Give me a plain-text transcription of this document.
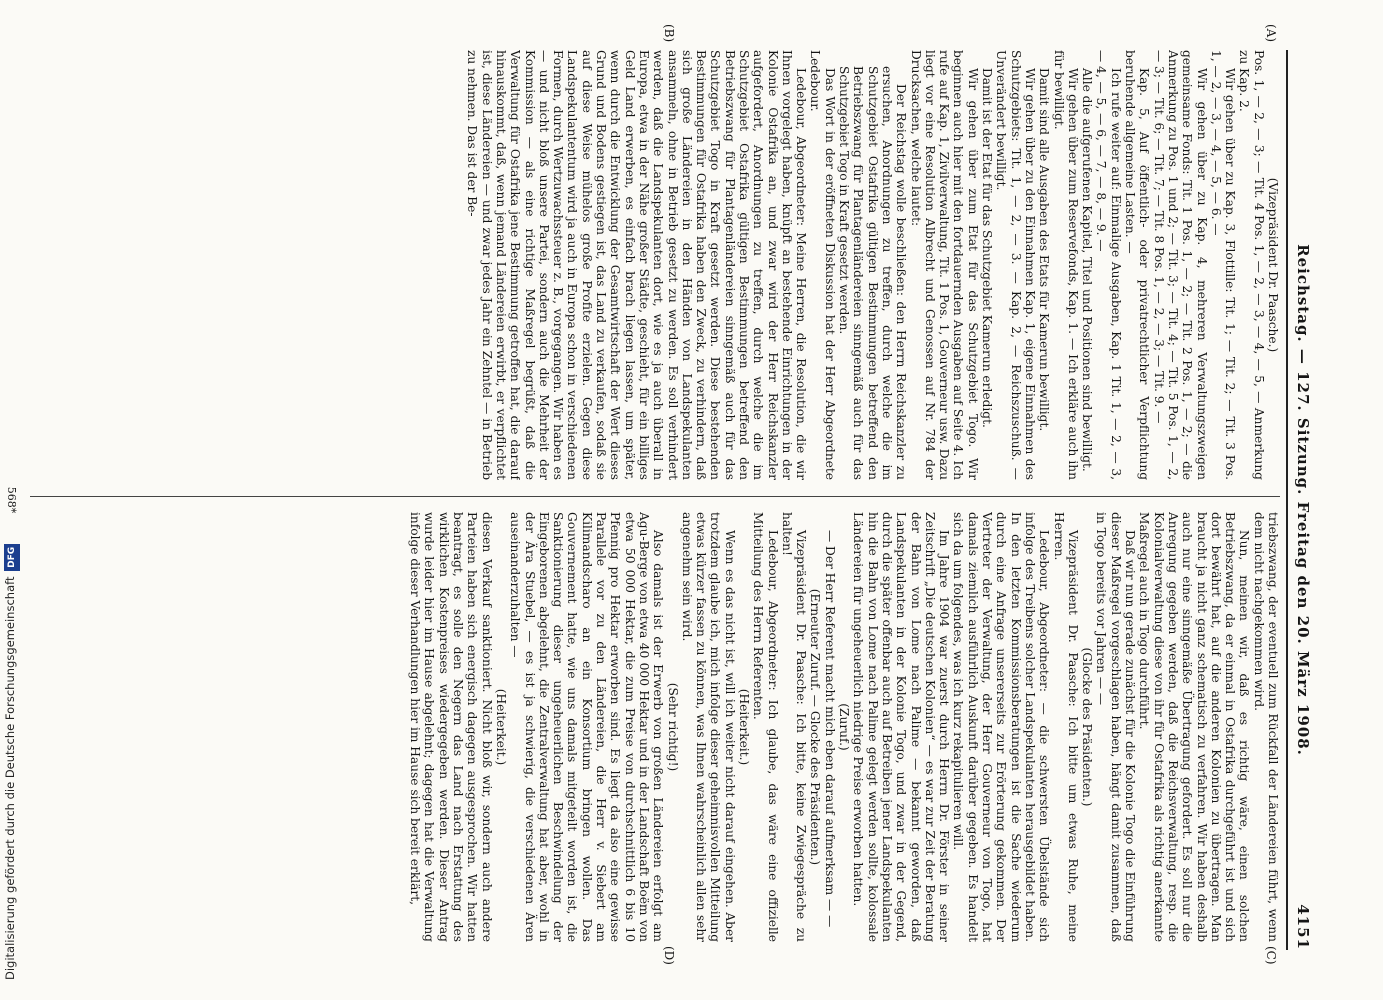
Reichstag. — 127. Sitzung. Freitag den 20. März 1908.
4151
(A)
(B)
(C)
(D)

(Vizepräsident Dr. Paasche.)

Pos. 1, — 2, — 3; — Tit. 4 Pos. 1, — 2, — 3, — 4, — 5, — Anmerkung zu Kap. 2.

Wir gehen über zu Kap. 3, Flottille: Tit. 1; — Tit. 2; — Tit. 3 Pos. 1, — 2, — 3, — 4, — 5, — 6. —

Wir gehen über zu Kap. 4, mehreren Verwaltungszweigen gemeinsame Fonds: Tit. 1 Pos. 1, — 2; — Tit. 2 Pos. 1, — 2; — die Anmerkung zu Pos. 1 und 2; — Tit. 3; — Tit. 4; — Tit. 5 Pos. 1, — 2, — 3; — Tit. 6; — Tit. 7; — Tit. 8 Pos. 1, — 2, — 3; — Tit. 9. —

Kap. 5, Auf öffentlich- oder privatrechtlicher Verpflichtung beruhende allgemeine Lasten. —

Ich rufe weiter auf: Einmalige Ausgaben, Kap. 1 Tit. 1, — 2, — 3, — 4, — 5, — 6, — 7, — 8, — 9. —

Alle die aufgerufenen Kapitel, Titel und Positionen sind bewilligt.

Wir gehen über zum Reservefonds, Kap. 1. — Ich erkläre auch ihn für bewilligt.

Damit sind alle Ausgaben des Etats für Kamerun bewilligt.

Wir gehen über zu den Einnahmen Kap. 1, eigene Einnahmen des Schutzgebiets: Tit. 1, — 2, — 3. — Kap. 2, — Reichszuschuß. — Unverändert bewilligt.

Damit ist der Etat für das Schutzgebiet Kamerun erledigt.

Wir gehen über zum Etat für das Schutzgebiet Togo. Wir beginnen auch hier mit den fortdauernden Ausgaben auf Seite 4. Ich rufe auf Kap. 1, Zivilverwaltung, Tit. 1 Pos. 1, Gouverneur usw. Dazu liegt vor eine Resolution Albrecht und Genossen auf Nr. 784 der Drucksachen, welche lautet:

Der Reichstag wolle beschließen: den Herrn Reichskanzler zu ersuchen, Anordnungen zu treffen, durch welche die im Schutzgebiet Ostafrika gültigen Bestimmungen betreffend den Betriebszwang für Plantagenländereien sinngemäß auch für das Schutzgebiet Togo in Kraft gesetzt werden.

Das Wort in der eröffneten Diskussion hat der Herr Abgeordnete Ledebour.

Ledebour, Abgeordneter: Meine Herren, die Resolution, die wir Ihnen vorgelegt haben, knüpft an bestehende Einrichtungen in der Kolonie Ostafrika an, und zwar wird der Herr Reichskanzler aufgefordert, Anordnungen zu treffen, durch welche die im Schutzgebiet Ostafrika gültigen Bestimmungen betreffend den Betriebszwang für Plantagenländereien sinngemäß auch für das Schutzgebiet Togo in Kraft gesetzt werden. Diese bestehenden Bestimmungen für Ostafrika haben den Zweck, zu verhindern, daß sich große Ländereien in den Händen von Landspekulanten ansammeln, ohne in Betrieb gesetzt zu werden. Es soll verhindert werden, daß die Landspekulanten dort, wie es ja auch überall in Europa, etwa in der Nähe großer Städte, geschieht, für ein billiges Geld Land erwerben, es einfach brach liegen lassen, um später, wenn durch die Entwicklung der Gesamtwirtschaft der Wert dieses Grund und Bodens gestiegen ist, das Land zu verkaufen, sodaß sie auf diese Weise mühelos große Profite erzielen. Gegen diese Landspekulantentum wird ja auch in Europa schon in verschiedenen Formen, durch Wertzuwachssteuer z. B., vorgegangen. Wir haben es — und nicht bloß unsere Partei, sondern auch die Mehrheit der Kommission — als eine richtige Maßregel begrüßt, daß die Verwaltung für Ostafrika jene Bestimmung getroffen hat, die darauf hinauskommt, daß, wenn jemand Ländereien erwirbt, er verpflichtet ist, diese Ländereien — und zwar jedes Jahr ein Zehntel — in Betrieb zu nehmen. Das ist der Be-

triebszwang, der eventuell zum Rückfall der Ländereien führt, wenn dem nicht nachgekommen wird.

Nun, meinen wir, daß es richtig wäre, einen solchen Betriebszwang, da er einmal in Ostafrika durchgeführt ist und sich dort bewährt hat, auf die anderen Kolonien zu übertragen. Man braucht ja nicht ganz schematisch zu verfahren. Wir haben deshalb auch nur eine sinngemäße Übertragung gefordert. Es soll nur die Anregung gegeben werden, daß die Reichsverwaltung, resp. die Kolonialverwaltung diese von ihr für Ostafrika als richtig anerkannte Maßregel auch in Togo durchführt.

Daß wir nun gerade zunächst für die Kolonie Togo die Einführung dieser Maßregel vorgeschlagen haben, hängt damit zusammen, daß in Togo bereits vor Jahren — —

(Glocke des Präsidenten.)

Vizepräsident Dr. Paasche: Ich bitte um etwas Ruhe, meine Herren.

Ledebour, Abgeordneter: — die schwersten Übelstände sich infolge des Treibens solcher Landspekulanten herausgebildet haben. In den letzten Kommissionsberatungen ist die Sache wiederum durch eine Anfrage unsererseits zur Erörterung gekommen. Der Vertreter der Verwaltung, der Herr Gouverneur von Togo, hat damals ziemlich ausführlich Auskunft darüber gegeben. Es handelt sich da um folgendes, was ich kurz rekapitulieren will.

Im Jahre 1904 war zuerst durch Herrn Dr. Förster in seiner Zeitschrift „Die deutschen Kolonien“ — es war zur Zeit der Beratung der Bahn von Lome nach Palime — bekannt geworden, daß Landspekulanten in der Kolonie Togo, und zwar in der Gegend, durch die später offenbar auch auf Betreiben jener Landspekulanten hin die Bahn von Lome nach Palime gelegt werden sollte, kolossale Ländereien für ungeheuerlich niedrige Preise erworben hatten.

(Zuruf.)

— Der Herr Referent macht mich eben darauf aufmerksam — —

(Erneuter Zuruf. — Glocke des Präsidenten.)

Vizepräsident Dr. Paasche: Ich bitte, keine Zwiegespräche zu halten!

Ledebour, Abgeordneter: Ich glaube, das wäre eine offizielle Mitteilung des Herrn Referenten.

(Heiterkeit.)

Wenn es das nicht ist, will ich weiter nicht darauf eingehen. Aber trotzdem glaube ich, mich infolge dieser geheimnisvollen Mitteilung etwas kürzer fassen zu können, was Ihnen wahrscheinlich allen sehr angenehm sein wird.

(Sehr richtig!)

Also damals ist der Erwerb von großen Ländereien erfolgt am Agu-Berge von etwa 40 000 Hektar und in der Landschaft Boëm von etwa 50 000 Hektar, die zum Preise von durchschnittlich 6 bis 10 Pfennig pro Hektar erworben sind. Es liegt da also eine gewisse Parallele vor zu den Ländereien, die Herr v. Siebert am Kilimandscharo an ein Konsortium bringen wollen. Das Gouvernement hatte, wie uns damals mitgeteilt worden ist, die Sanktionierung dieser ungeheuerlichen Beschwindelung der Eingeborenen abgelehnt, die Zentralverwaltung hat aber, wohl in der Ära Stuebel, — es ist ja schwierig, die verschiedenen Ären auseinanderzuhalten —

(Heiterkeit.)

diesen Verkauf sanktioniert. Nicht bloß wir, sondern auch andere Parteien haben sich energisch dagegen ausgesprochen. Wir hatten beantragt, es solle den Negern das Land nach Erstattung des wirklichen Kostenpreises wiedergegeben werden. Dieser Antrag wurde leider hier im Hause abgelehnt; dagegen hat die Verwaltung infolge dieser Verhandlungen hier im Hause sich bereit erklärt,

568*
Digitalisierung gefördert durch die Deutsche Forschungsgemeinschaft DFG
